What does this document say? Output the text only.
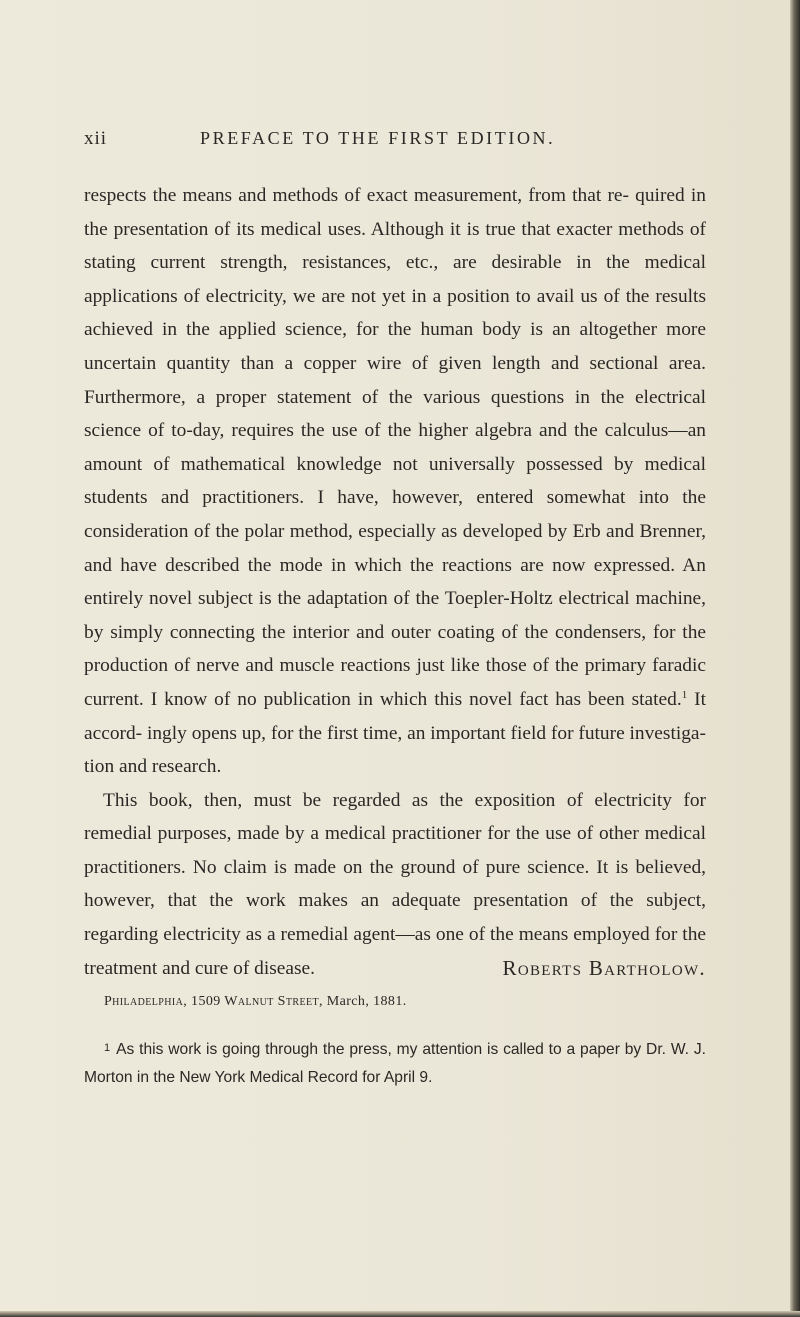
xii	PREFACE TO THE FIRST EDITION.

respects the means and methods of exact measurement, from that re- quired in the presentation of its medical uses. Although it is true that exacter methods of stating current strength, resistances, etc., are desirable in the medical applications of electricity, we are not yet in a position to avail us of the results achieved in the applied science, for the human body is an altogether more uncertain quantity than a copper wire of given length and sectional area. Furthermore, a proper statement of the various questions in the electrical science of to-day, requires the use of the higher algebra and the calculus—an amount of mathematical knowledge not universally possessed by medical students and practitioners. I have, however, entered somewhat into the consideration of the polar method, especially as developed by Erb and Brenner, and have described the mode in which the reactions are now expressed. An entirely novel subject is the adaptation of the Toepler-Holtz electrical machine, by simply connecting the interior and outer coating of the condensers, for the production of nerve and muscle reactions just like those of the primary faradic current. I know of no publication in which this novel fact has been stated.$^1$ It accord- ingly opens up, for the first time, an important field for future investiga- tion and research.

This book, then, must be regarded as the exposition of electricity for remedial purposes, made by a medical practitioner for the use of other medical practitioners. No claim is made on the ground of pure science. It is believed, however, that the work makes an adequate presentation of the subject, regarding electricity as a remedial agent—as one of the means employed for the treatment and cure of disease.	Roberts Bartholow.
Philadelphia, 1509 Walnut Street, March, 1881.
1 As this work is going through the press, my attention is called to a paper by Dr. W. J. Morton in the New York Medical Record for April 9.
